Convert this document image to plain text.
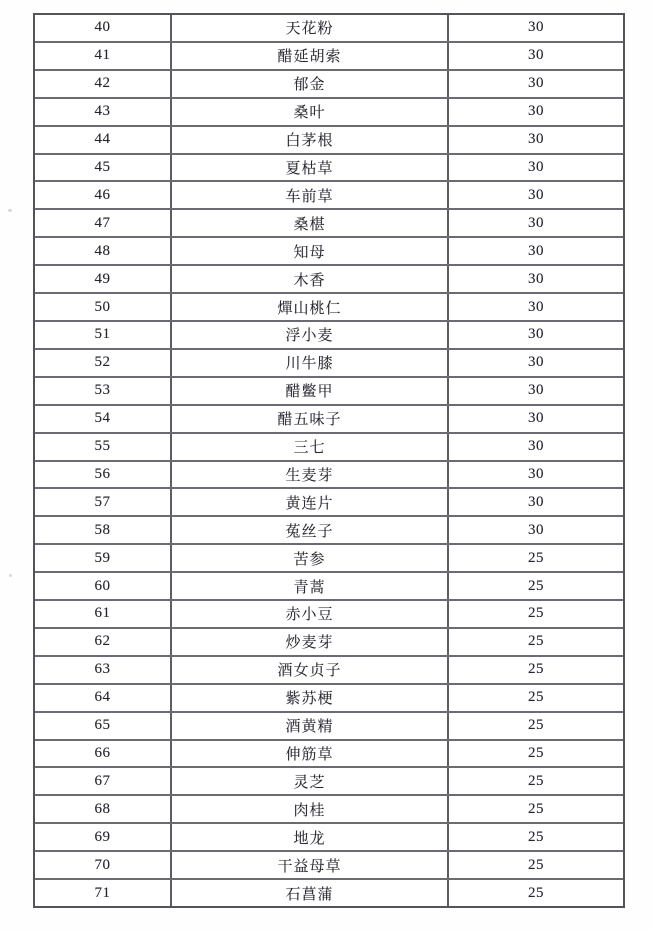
40	天花粉	30
41	醋延胡索	30
42	郁金	30
43	桑叶	30
44	白茅根	30
45	夏枯草	30
46	车前草	30
47	桑椹	30
48	知母	30
49	木香	30
50	燀山桃仁	30
51	浮小麦	30
52	川牛膝	30
53	醋鳖甲	30
54	醋五味子	30
55	三七	30
56	生麦芽	30
57	黄连片	30
58	菟丝子	30
59	苦参	25
60	青蒿	25
61	赤小豆	25
62	炒麦芽	25
63	酒女贞子	25
64	紫苏梗	25
65	酒黄精	25
66	伸筋草	25
67	灵芝	25
68	肉桂	25
69	地龙	25
70	干益母草	25
71	石菖蒲	25
